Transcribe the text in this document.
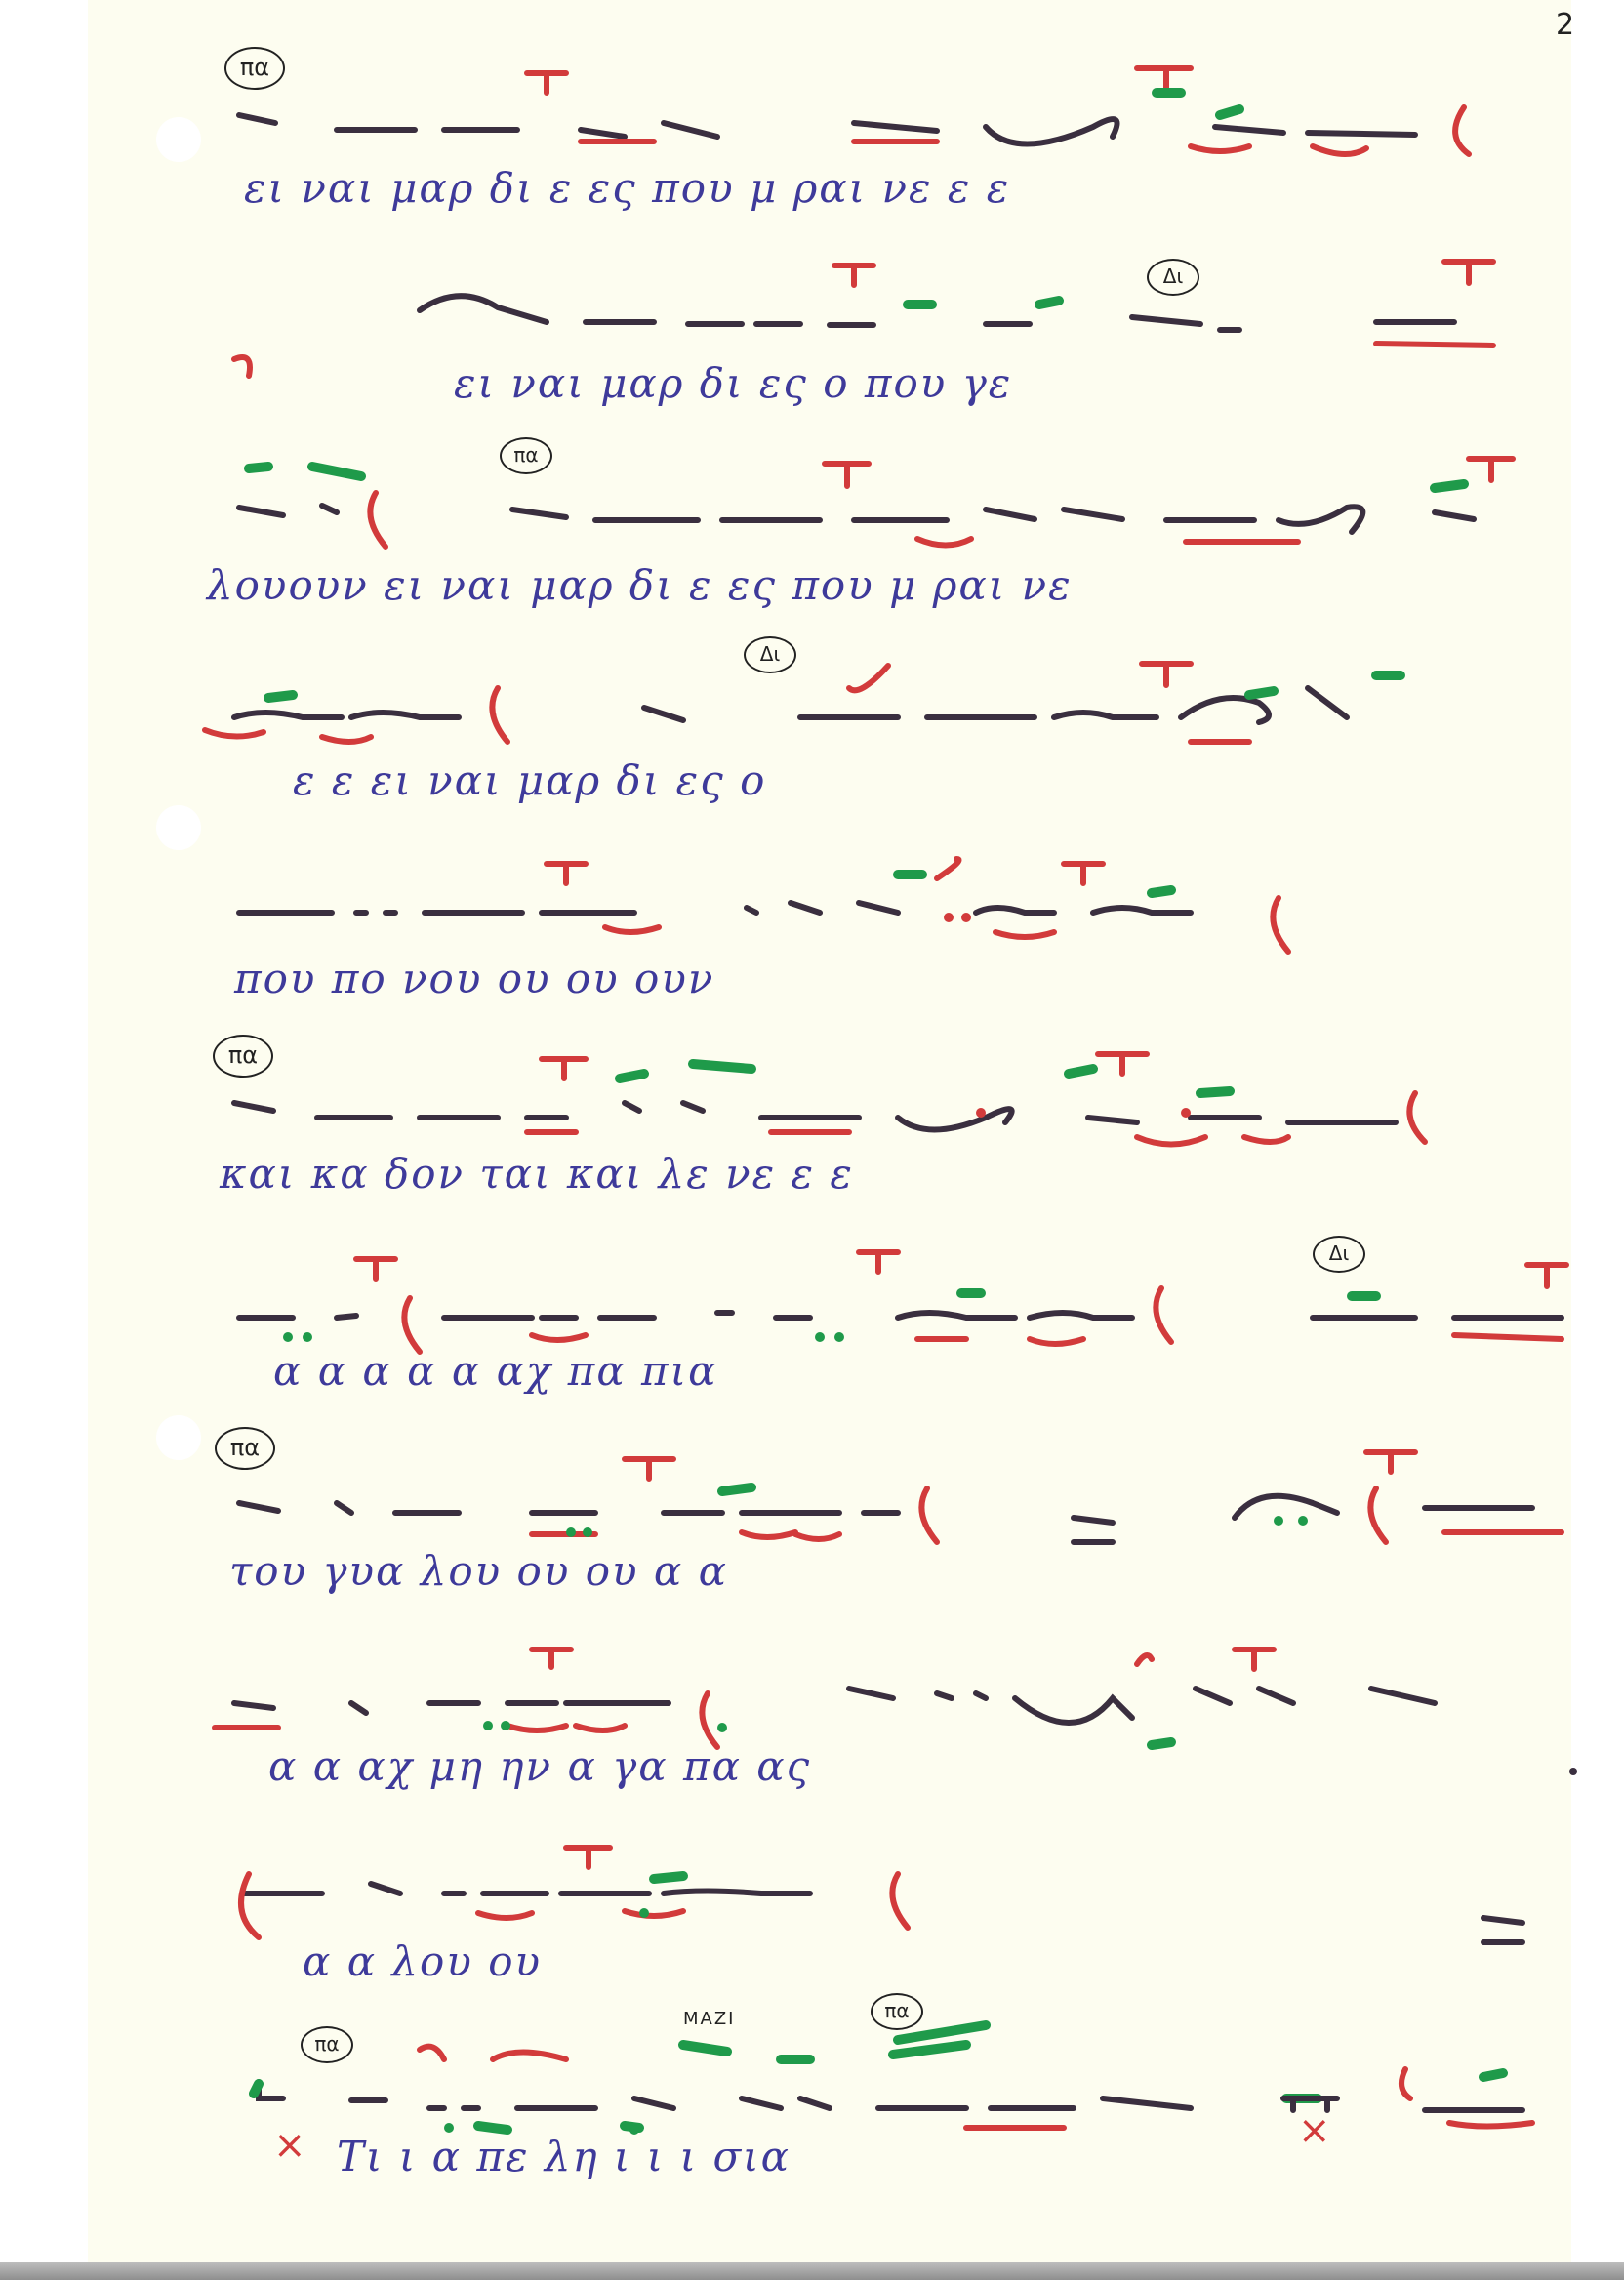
2
πα
Δι
πα
Δι
πα
Δι
πα
πα
πα
ΜΑΖΙ
×	×

ει ναι μαρ δι ε ες που μ ραι νε ε ε

ει ναι μαρ δι ες ο που γε

λουουν ει ναι μαρ δι ε ες που μ ραι νε

ε ε ει ναι μαρ δι ες ο

που πο νου ου ου ουν

και κα δον ται και λε νε ε ε

α α α α α αχ πα πια

του γυα λου ου ου α α

α α αχ μη ην α γα πα ας

α α λου ου

Τι ι α πε λη ι ι ι σια
